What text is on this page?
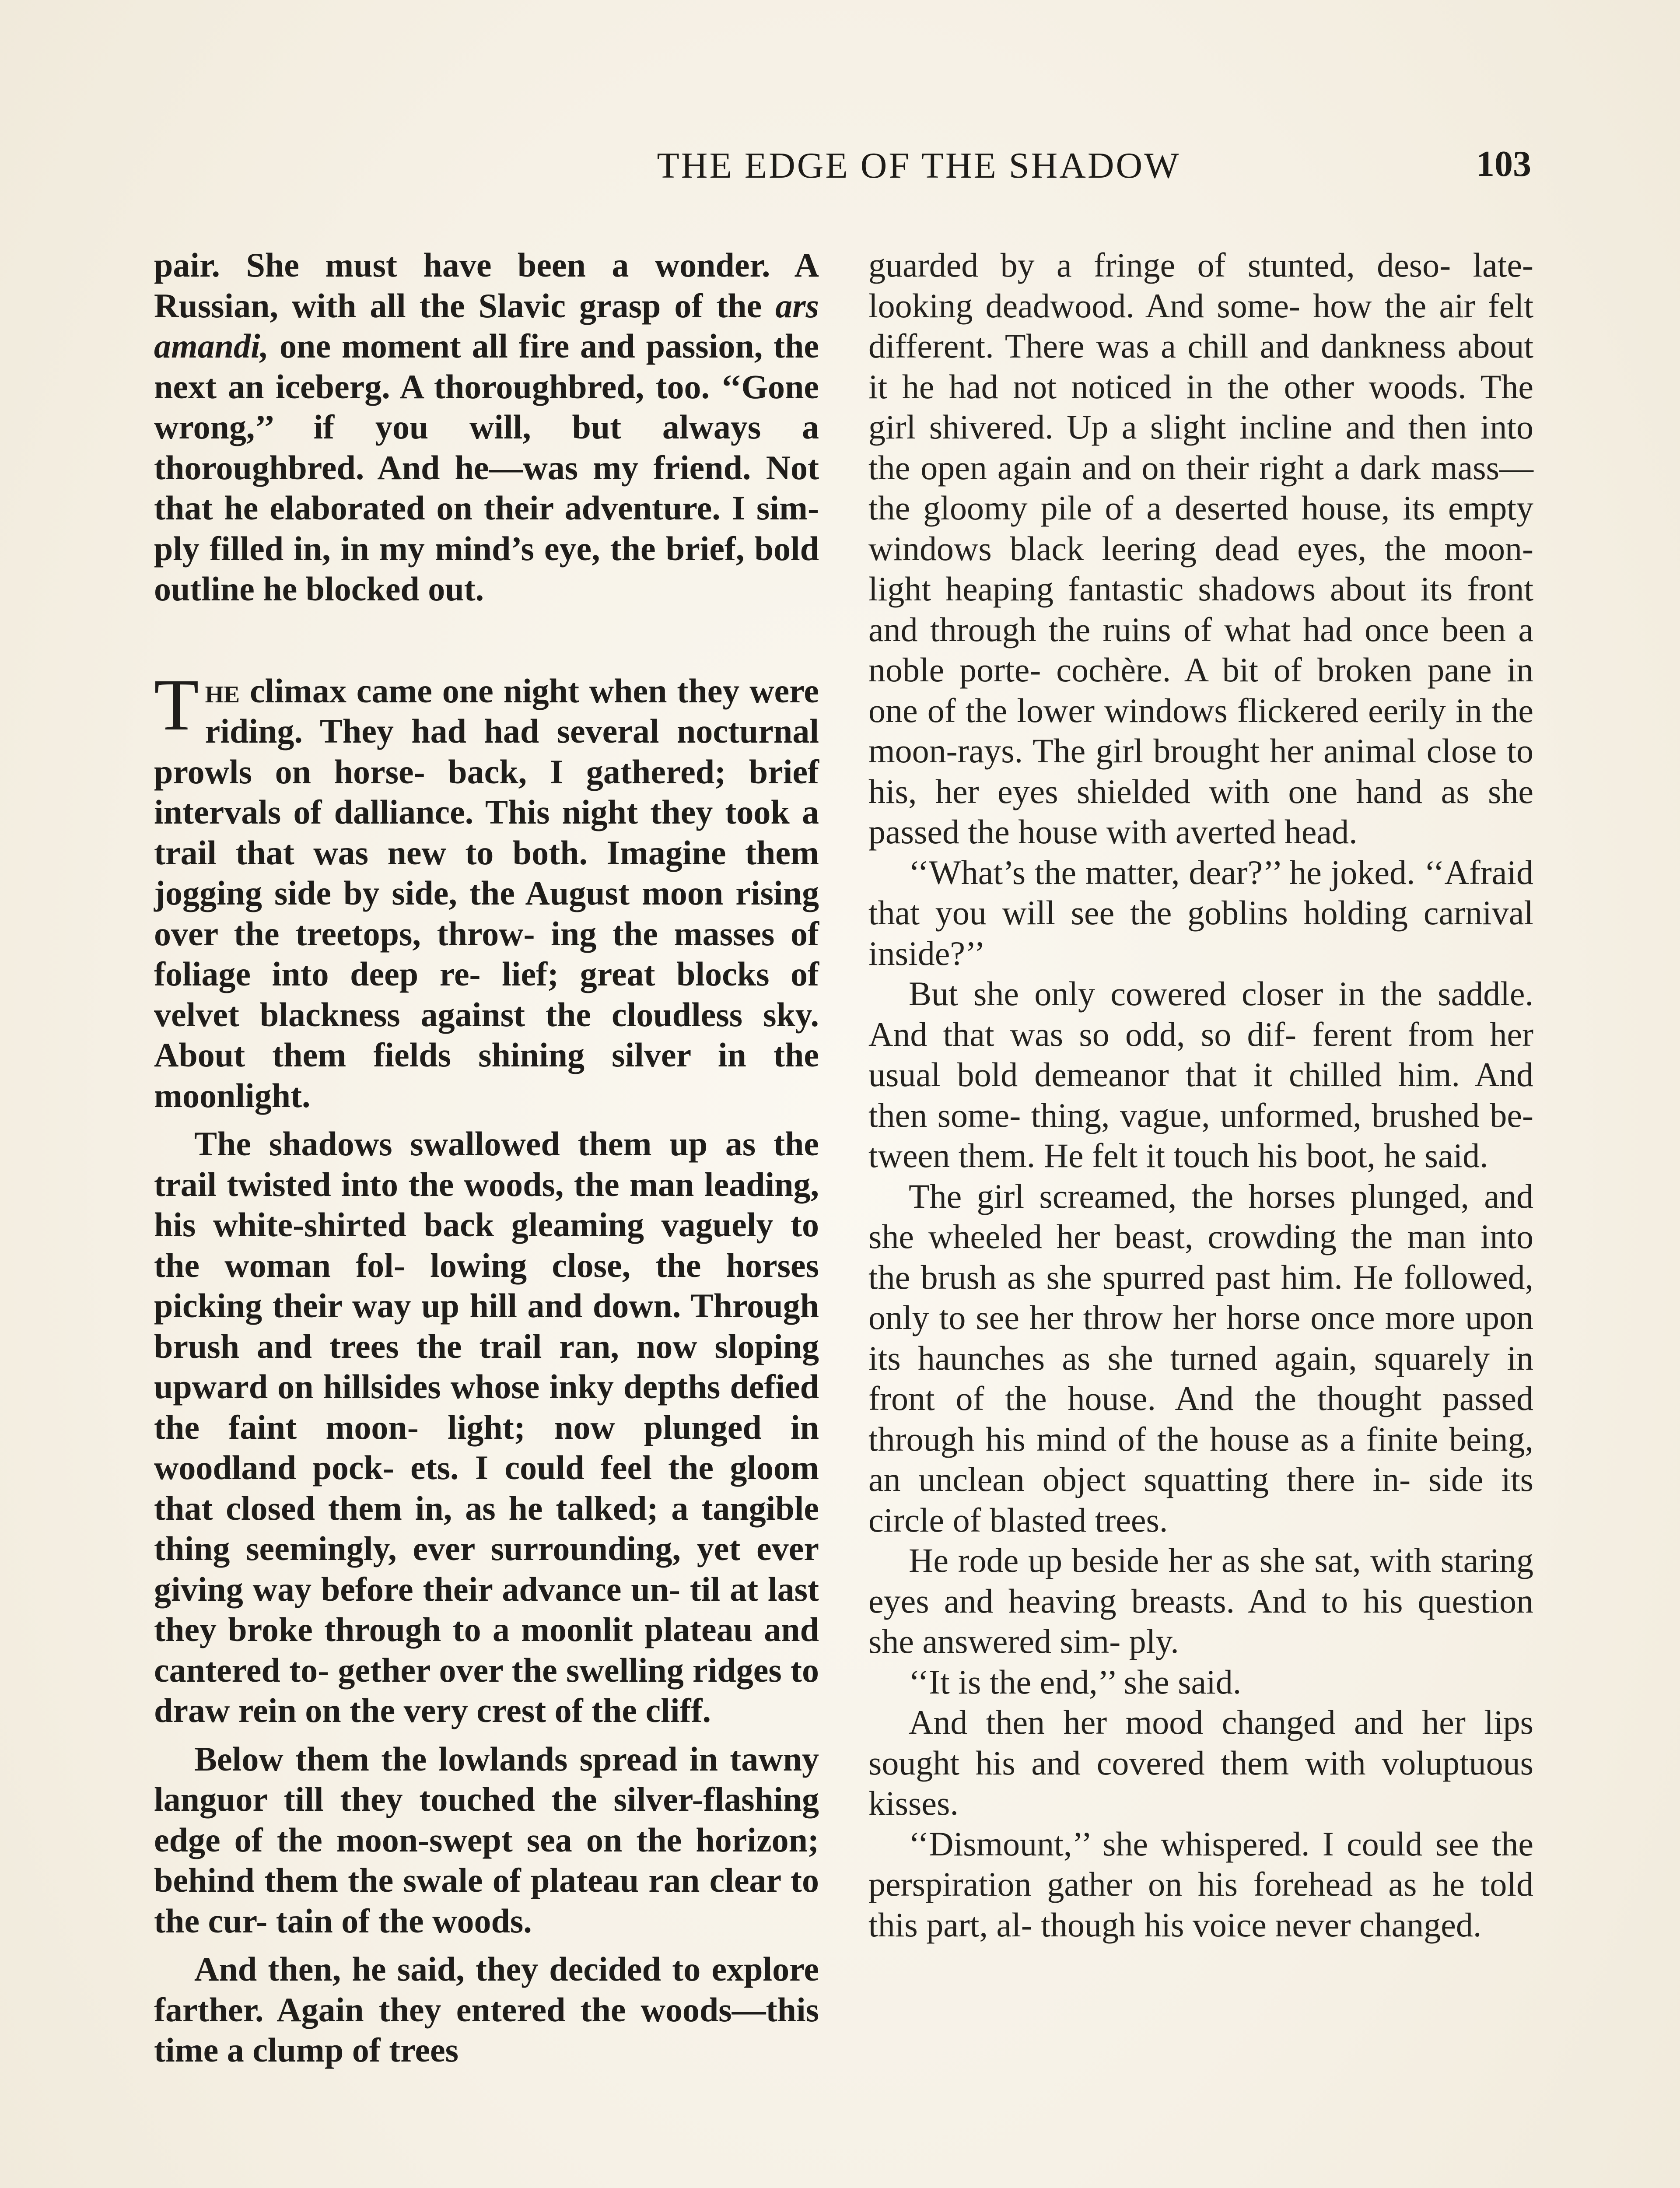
THE EDGE OF THE SHADOW	103

pair. She must have been a wonder. A Russian, with all the Slavic grasp of the ars amandi, one moment all fire and passion, the next an iceberg. A thoroughbred, too. ‘‘Gone wrong,’’ if you will, but always a thoroughbred. And he—was my friend. Not that he elaborated on their adventure. I sim- ply filled in, in my mind’s eye, the brief, bold outline he blocked out.

The climax came one night when they were riding. They had had several nocturnal prowls on horse- back, I gathered; brief intervals of dalliance. This night they took a trail that was new to both. Imagine them jogging side by side, the August moon rising over the treetops, throw- ing the masses of foliage into deep re- lief; great blocks of velvet blackness against the cloudless sky. About them fields shining silver in the moonlight.

The shadows swallowed them up as the trail twisted into the woods, the man leading, his white-shirted back gleaming vaguely to the woman fol- lowing close, the horses picking their way up hill and down. Through brush and trees the trail ran, now sloping upward on hillsides whose inky depths defied the faint moon- light; now plunged in woodland pock- ets. I could feel the gloom that closed them in, as he talked; a tangible thing seemingly, ever surrounding, yet ever giving way before their advance un- til at last they broke through to a moonlit plateau and cantered to- gether over the swelling ridges to draw rein on the very crest of the cliff.

Below them the lowlands spread in tawny languor till they touched the silver-flashing edge of the moon-swept sea on the horizon; behind them the swale of plateau ran clear to the cur- tain of the woods.

And then, he said, they decided to explore farther. Again they entered the woods—this time a clump of trees

guarded by a fringe of stunted, deso- late-looking deadwood. And some- how the air felt different. There was a chill and dankness about it he had not noticed in the other woods. The girl shivered. Up a slight incline and then into the open again and on their right a dark mass—the gloomy pile of a deserted house, its empty windows black leering dead eyes, the moon- light heaping fantastic shadows about its front and through the ruins of what had once been a noble porte- cochère. A bit of broken pane in one of the lower windows flickered eerily in the moon-rays. The girl brought her animal close to his, her eyes shielded with one hand as she passed the house with averted head.

‘‘What’s the matter, dear?’’ he joked. ‘‘Afraid that you will see the goblins holding carnival inside?’’

But she only cowered closer in the saddle. And that was so odd, so dif- ferent from her usual bold demeanor that it chilled him. And then some- thing, vague, unformed, brushed be- tween them. He felt it touch his boot, he said.

The girl screamed, the horses plunged, and she wheeled her beast, crowding the man into the brush as she spurred past him. He followed, only to see her throw her horse once more upon its haunches as she turned again, squarely in front of the house. And the thought passed through his mind of the house as a finite being, an unclean object squatting there in- side its circle of blasted trees.

He rode up beside her as she sat, with staring eyes and heaving breasts. And to his question she answered sim- ply.

‘‘It is the end,’’ she said.

And then her mood changed and her lips sought his and covered them with voluptuous kisses.

‘‘Dismount,’’ she whispered. I could see the perspiration gather on his forehead as he told this part, al- though his voice never changed.
